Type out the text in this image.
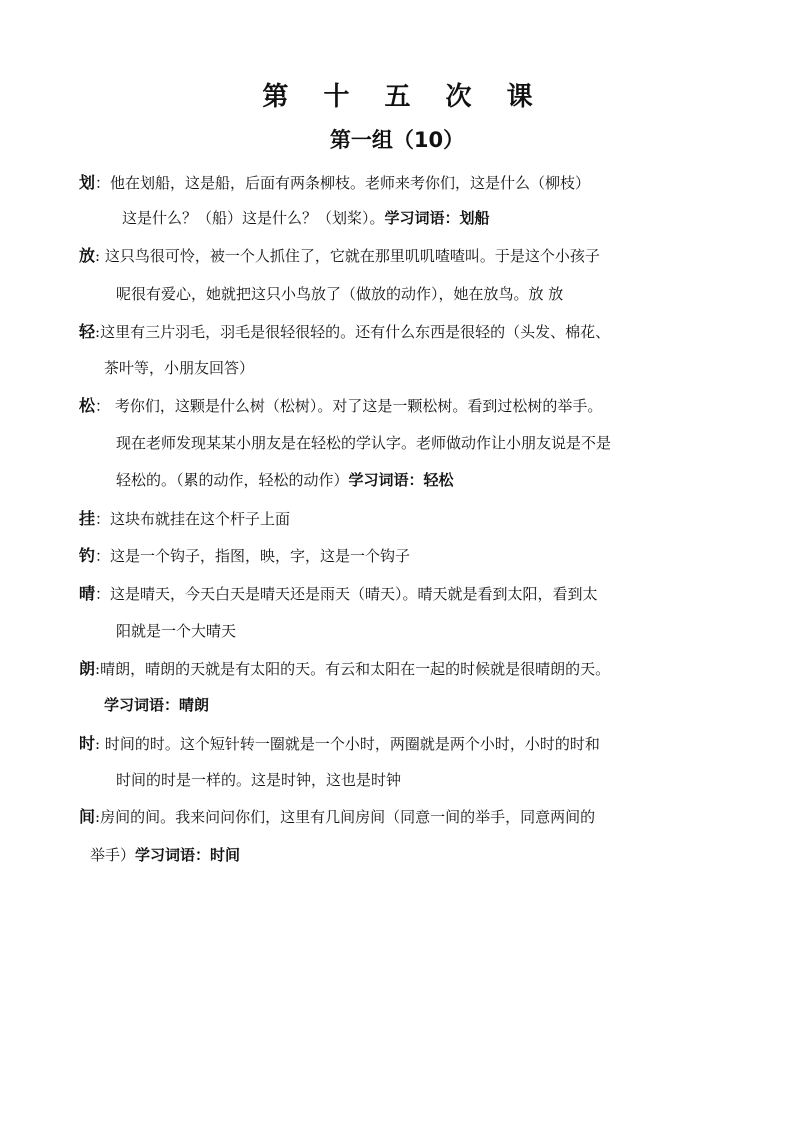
第 十 五 次 课
第一组（10）
划：他在划船，这是船，后面有两条柳枝。老师来考你们，这是什么（柳枝）
这是什么？（船）这是什么？（划桨）。学习词语：划船
放: 这只鸟很可怜，被一个人抓住了，它就在那里叽叽喳喳叫。于是这个小孩子
呢很有爱心，她就把这只小鸟放了（做放的动作），她在放鸟。放 放
轻:这里有三片羽毛，羽毛是很轻很轻的。还有什么东西是很轻的（头发、棉花、
茶叶等，小朋友回答）
松： 考你们，这颗是什么树（松树）。对了这是一颗松树。看到过松树的举手。
现在老师发现某某小朋友是在轻松的学认字。老师做动作让小朋友说是不是
轻松的。（累的动作，轻松的动作）学习词语：轻松
挂：这块布就挂在这个杆子上面
钓：这是一个钩子，指图，映，字，这是一个钩子
晴：这是晴天，今天白天是晴天还是雨天（晴天）。晴天就是看到太阳，看到太
阳就是一个大晴天
朗:晴朗，晴朗的天就是有太阳的天。有云和太阳在一起的时候就是很晴朗的天。
学习词语：晴朗
时: 时间的时。这个短针转一圈就是一个小时，两圈就是两个小时，小时的时和
时间的时是一样的。这是时钟，这也是时钟
间:房间的间。我来问问你们，这里有几间房间（同意一间的举手，同意两间的
举手）学习词语：时间
